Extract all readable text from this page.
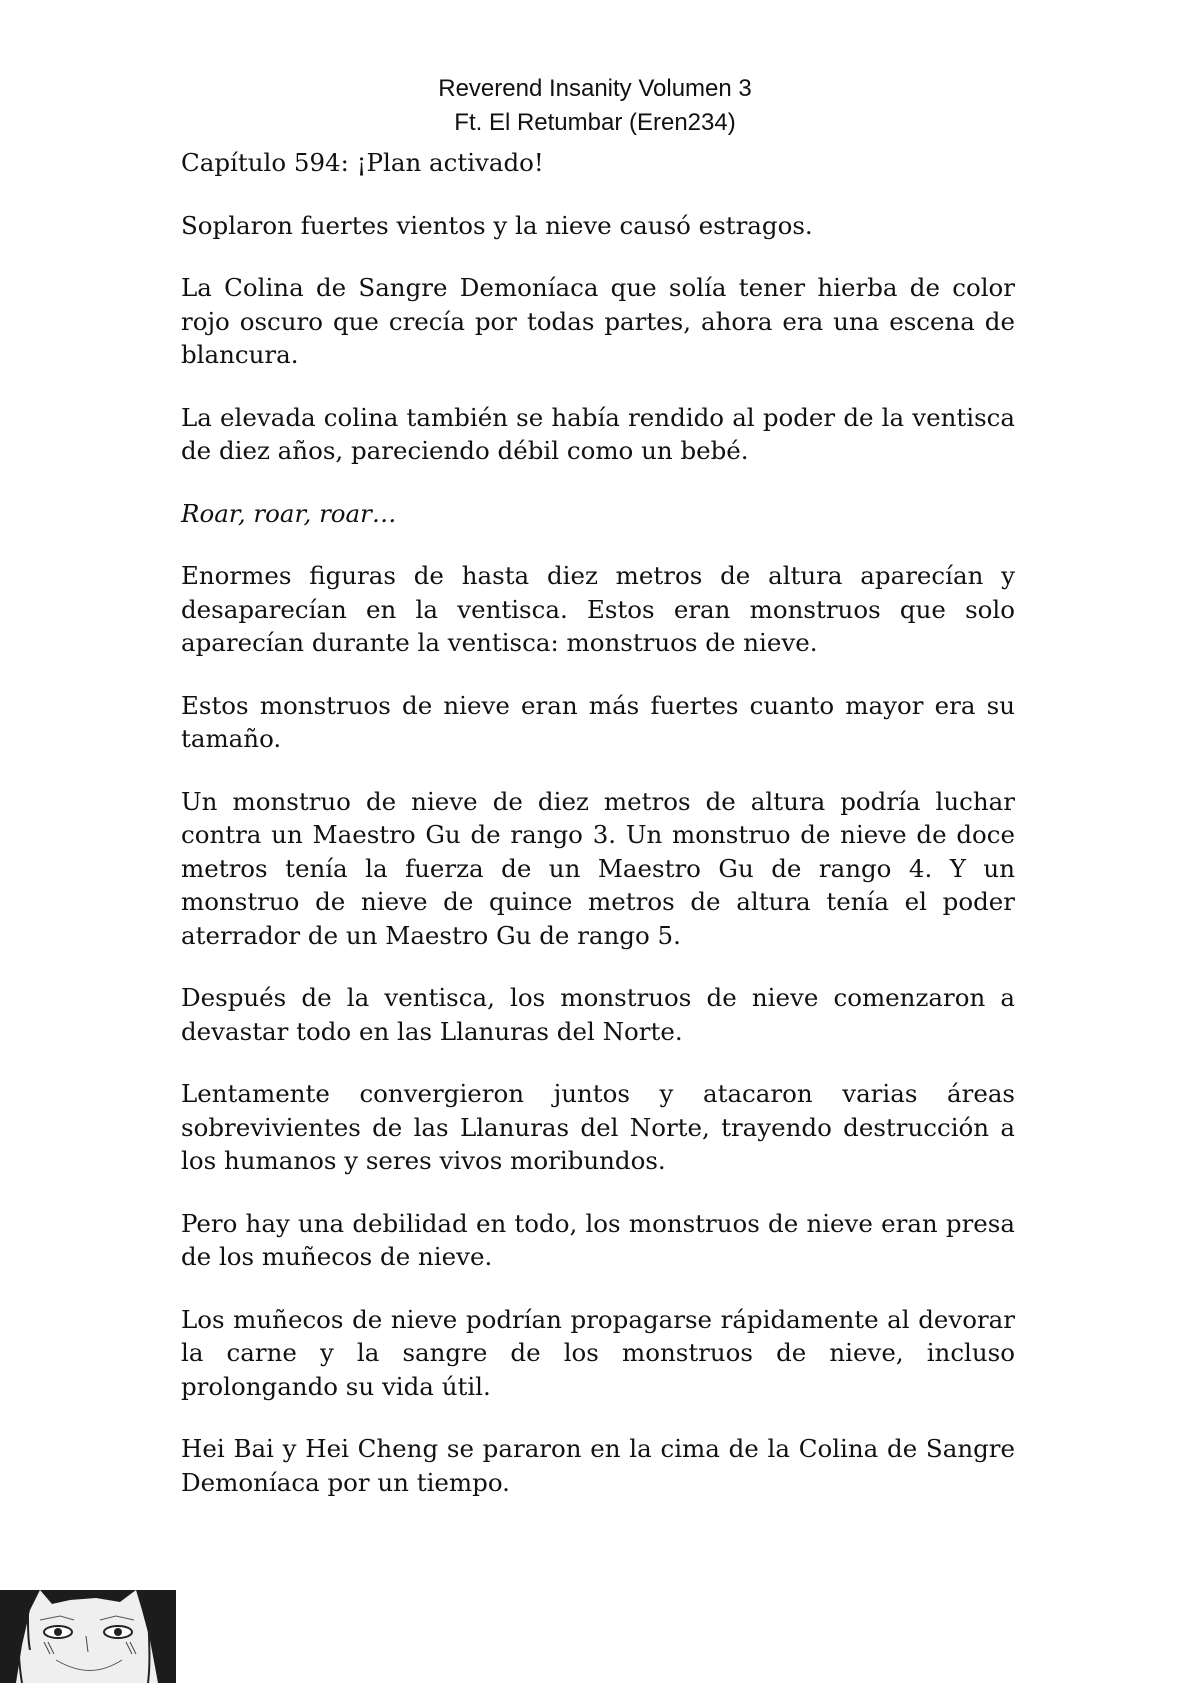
Reverend Insanity Volumen 3
Ft. El Retumbar (Eren234)

Capítulo 594: ¡Plan activado!

Soplaron fuertes vientos y la nieve causó estragos.

La Colina de Sangre Demoníaca que solía tener hierba de color rojo oscuro que crecía por todas partes, ahora era una escena de blancura.

La elevada colina también se había rendido al poder de la ventisca de diez años, pareciendo débil como un bebé.

Roar, roar, roar…

Enormes figuras de hasta diez metros de altura aparecían y desaparecían en la ventisca. Estos eran monstruos que solo aparecían durante la ventisca: monstruos de nieve.

Estos monstruos de nieve eran más fuertes cuanto mayor era su tamaño.

Un monstruo de nieve de diez metros de altura podría luchar contra un Maestro Gu de rango 3. Un monstruo de nieve de doce metros tenía la fuerza de un Maestro Gu de rango 4. Y un monstruo de nieve de quince metros de altura tenía el poder aterrador de un Maestro Gu de rango 5.

Después de la ventisca, los monstruos de nieve comenzaron a devastar todo en las Llanuras del Norte.

Lentamente convergieron juntos y atacaron varias áreas sobrevivientes de las Llanuras del Norte, trayendo destrucción a los humanos y seres vivos moribundos.

Pero hay una debilidad en todo, los monstruos de nieve eran presa de los muñecos de nieve.

Los muñecos de nieve podrían propagarse rápidamente al devorar la carne y la sangre de los monstruos de nieve, incluso prolongando su vida útil.

Hei Bai y Hei Cheng se pararon en la cima de la Colina de Sangre Demoníaca por un tiempo.
